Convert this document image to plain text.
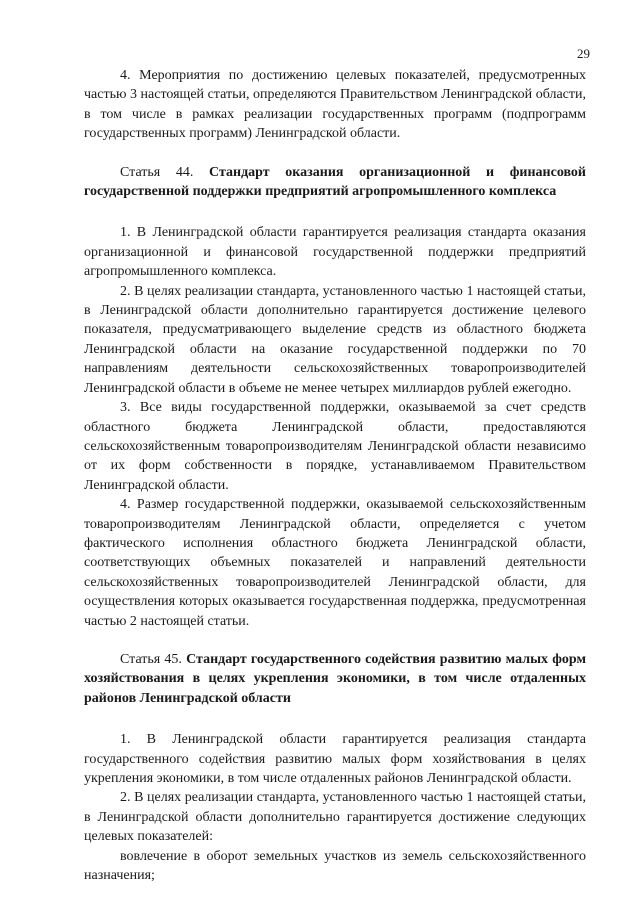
29

4. Мероприятия по достижению целевых показателей, предусмотренных частью 3 настоящей статьи, определяются Правительством Ленинградской области, в том числе в рамках реализации государственных программ (подпрограмм государственных программ) Ленинградской области.

Статья 44. Стандарт оказания организационной и финансовой государственной поддержки предприятий агропромышленного комплекса

1. В Ленинградской области гарантируется реализация стандарта оказания организационной и финансовой государственной поддержки предприятий агропромышленного комплекса.

2. В целях реализации стандарта, установленного частью 1 настоящей статьи, в Ленинградской области дополнительно гарантируется достижение целевого показателя, предусматривающего выделение средств из областного бюджета Ленинградской области на оказание государственной поддержки по 70 направлениям деятельности сельскохозяйственных товаропроизводителей Ленинградской области в объеме не менее четырех миллиардов рублей ежегодно.

3. Все виды государственной поддержки, оказываемой за счет средств областного бюджета Ленинградской области, предоставляются сельскохозяйственным товаропроизводителям Ленинградской области независимо от их форм собственности в порядке, устанавливаемом Правительством Ленинградской области.

4. Размер государственной поддержки, оказываемой сельскохозяйственным товаропроизводителям Ленинградской области, определяется с учетом фактического исполнения областного бюджета Ленинградской области, соответствующих объемных показателей и направлений деятельности сельскохозяйственных товаропроизводителей Ленинградской области, для осуществления которых оказывается государственная поддержка, предусмотренная частью 2 настоящей статьи.

Статья 45. Стандарт государственного содействия развитию малых форм хозяйствования в целях укрепления экономики, в том числе отдаленных районов Ленинградской области

1. В Ленинградской области гарантируется реализация стандарта государственного содействия развитию малых форм хозяйствования в целях укрепления экономики, в том числе отдаленных районов Ленинградской области.

2. В целях реализации стандарта, установленного частью 1 настоящей статьи, в Ленинградской области дополнительно гарантируется достижение следующих целевых показателей:

вовлечение в оборот земельных участков из земель сельскохозяйственного назначения;
